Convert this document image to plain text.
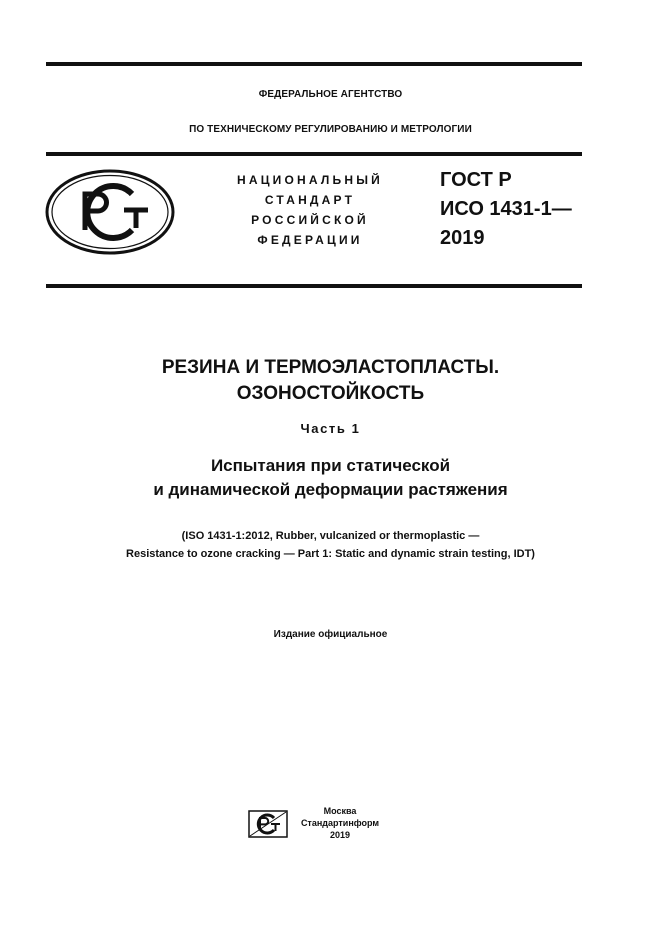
ФЕДЕРАЛЬНОЕ АГЕНТСТВО
ПО ТЕХНИЧЕСКОМУ РЕГУЛИРОВАНИЮ И МЕТРОЛОГИИ
НАЦИОНАЛЬНЫЙ
СТАНДАРТ
РОССИЙСКОЙ
ФЕДЕРАЦИИ
ГОСТ Р
ИСО 1431-1—
2019
РЕЗИНА И ТЕРМОЭЛАСТОПЛАСТЫ.
ОЗОНОСТОЙКОСТЬ
Часть 1
Испытания при статической
и динамической деформации растяжения
(ISO 1431-1:2012, Rubber, vulcanized or thermoplastic —
Resistance to ozone cracking — Part 1: Static and dynamic strain testing, IDT)
Издание официальное
Москва
Стандартинформ
2019
